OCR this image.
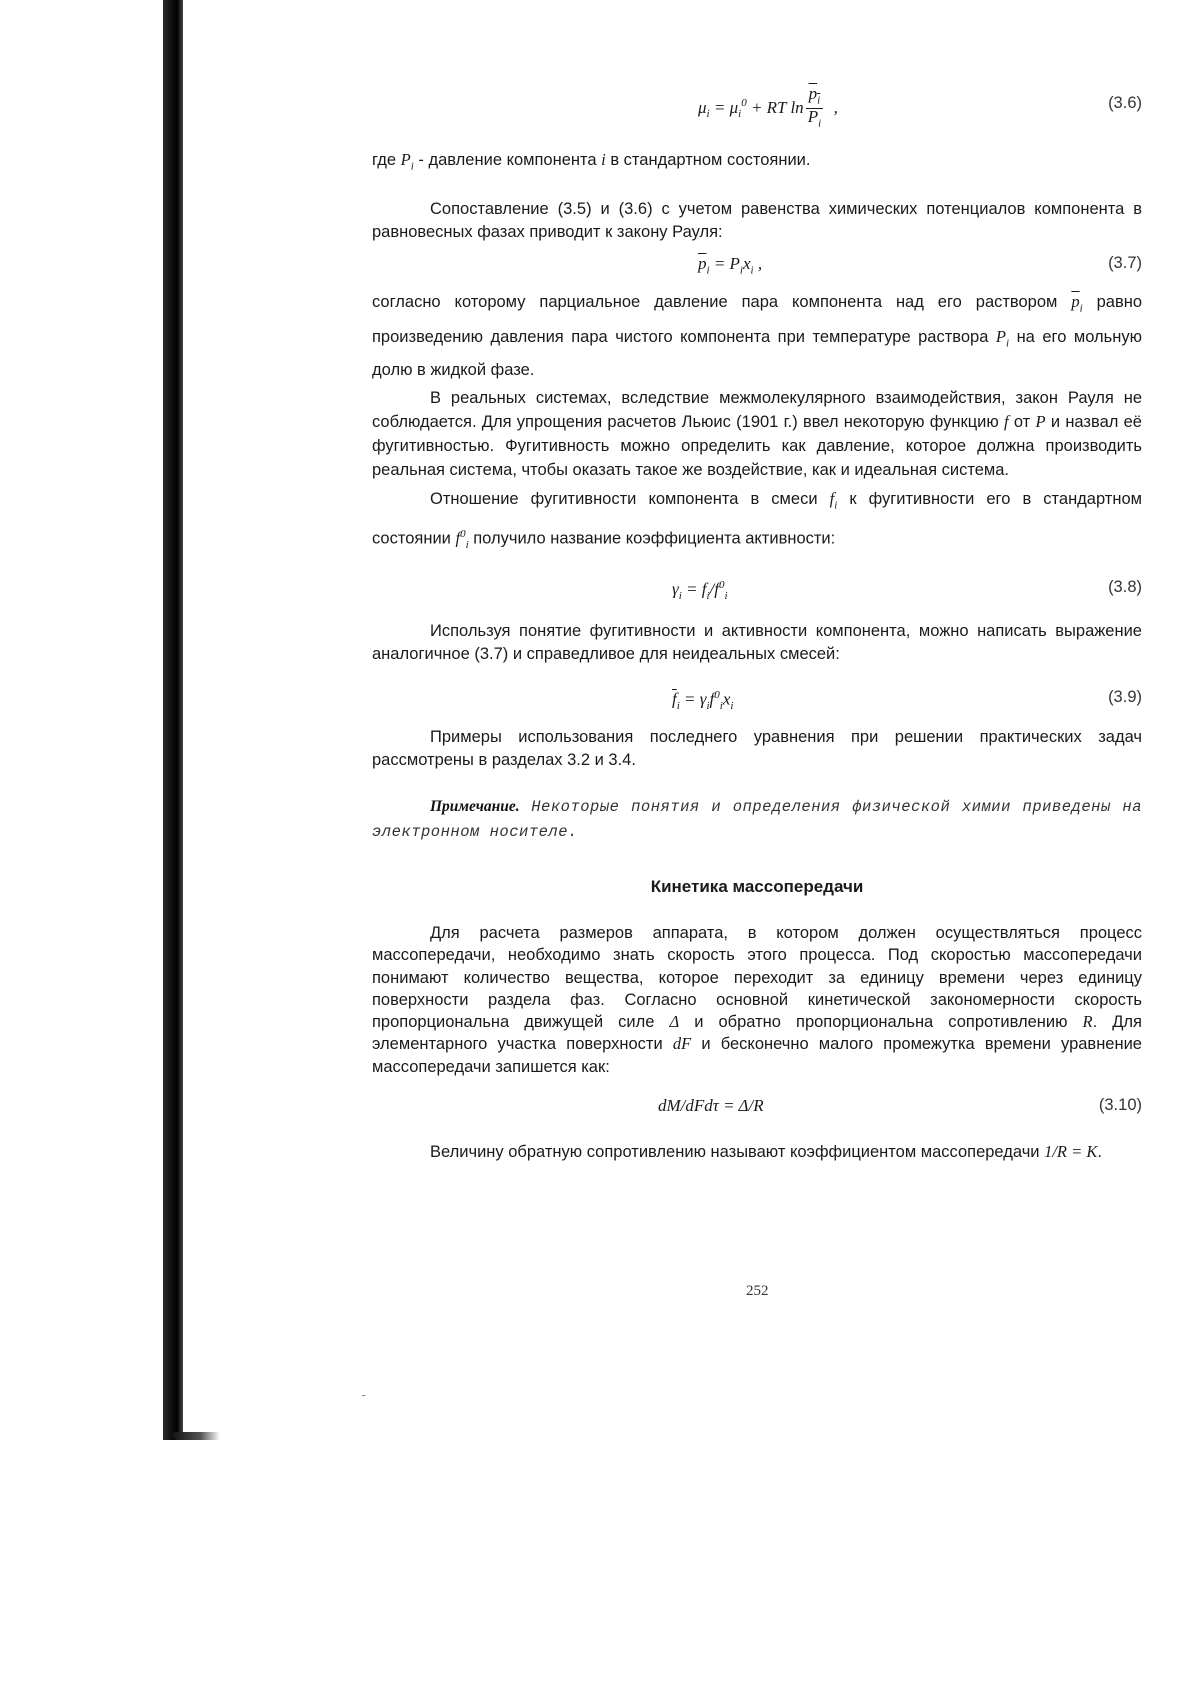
$\mu_i = \mu_i^0$ + RT $\ln \frac{p_i}{P_i}$ ,	(3.6)

где $P_i$ - давление компонента i в стандартном состоянии.

Сопоставление (3.5) и (3.6) с учетом равенства химических потенциалов компонента в равновесных фазах приводит к закону Рауля:

$\overline{p}_i = P_ix_i$ ,	(3.7)

согласно которому парциальное давление пара компонента над его раствором $\overline{p}_i$ равно произведению давления пара чистого компонента при температуре раствора $P_i$ на его мольную долю в жидкой фазе.

В реальных системах, вследствие межмолекулярного взаимодействия, закон Рауля не соблюдается. Для упрощения расчетов Льюис (1901 г.) ввел некоторую функцию f от P и назвал её фугитивностью. Фугитивность можно определить как давление, которое должна производить реальная система, чтобы оказать такое же воздействие, как и идеальная система.

Отношение фугитивности компонента в смеси $f_i$ к фугитивности его в стандартном состоянии $f^0_i$ получило название коэффициента активности:

$\gamma_i = f_i/f^0_i$
(3.8)

Используя понятие фугитивности и активности компонента, можно написать выражение аналогичное (3.7) и справедливое для неидеальных смесей:

$\overline{f}_i = \gamma_if^0_ix_i$
(3.9)

Примеры использования последнего уравнения при решении практических задач рассмотрены в разделах 3.2 и 3.4.

Примечание. Некоторые понятия и определения физической химии приведены на электронном носителе.

Кинетика массопередачи

Для расчета размеров аппарата, в котором должен осуществляться процесс массопередачи, необходимо знать скорость этого процесса. Под скоростью массопередачи понимают количество вещества, которое переходит за единицу времени через единицу поверхности раздела фаз. Согласно основной кинетической закономерности скорость пропорциональна движущей силе Δ и обратно пропорциональна сопротивлению R. Для элементарного участка поверхности dF и бесконечно малого промежутка времени уравнение массопередачи запишется как:

dM/dFdτ = Δ/R	(3.10)

Величину обратную сопротивлению называют коэффициентом массопередачи 1/R = K.

252
˷
